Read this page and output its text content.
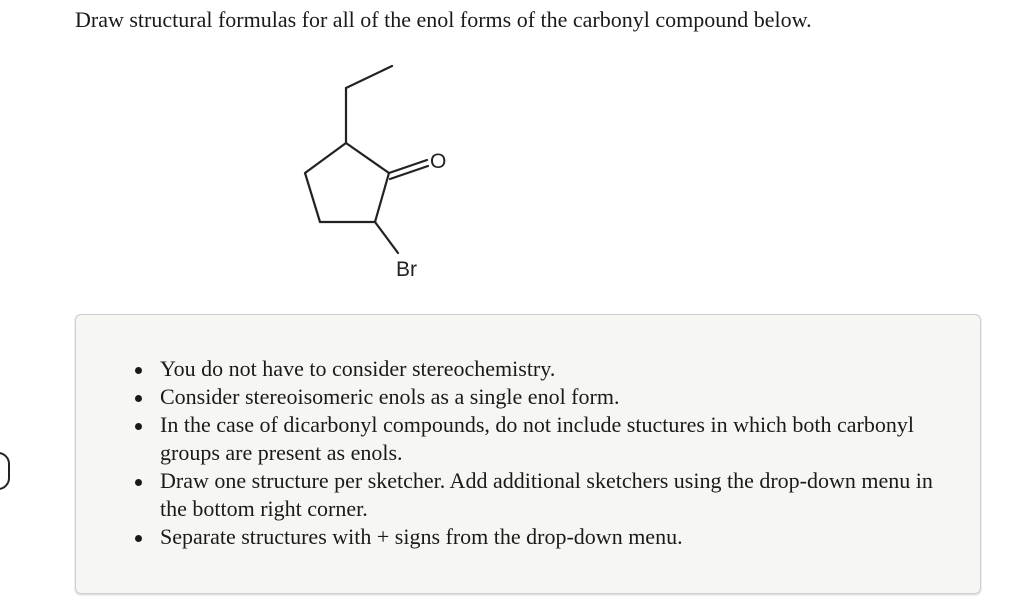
Draw structural formulas for all of the enol forms of the carbonyl compound below.
O
Br
You do not have to consider stereochemistry.
Consider stereoisomeric enols as a single enol form.
In the case of dicarbonyl compounds, do not include stuctures in which both carbonyl groups are present as enols.
Draw one structure per sketcher. Add additional sketchers using the drop-down menu in the bottom right corner.
Separate structures with + signs from the drop-down menu.
